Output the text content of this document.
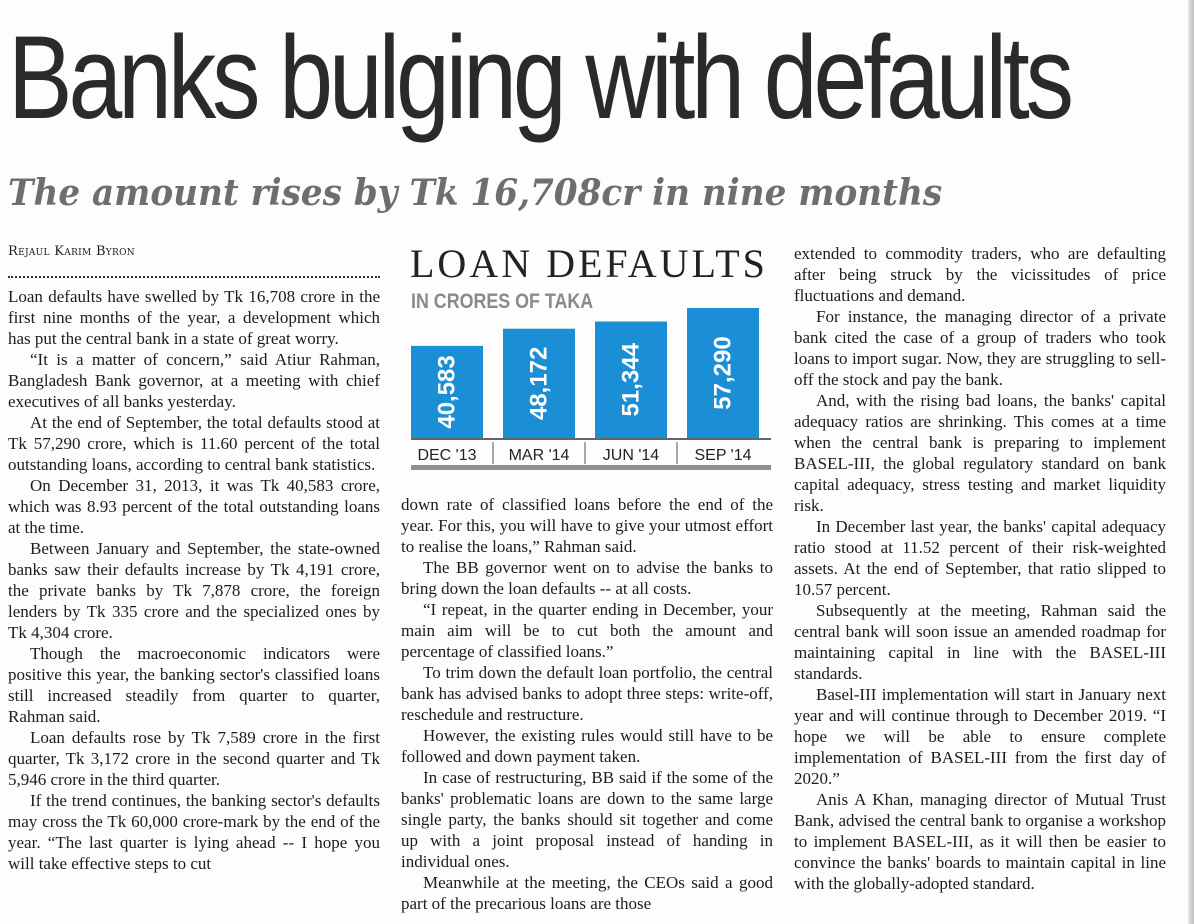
Banks bulging with defaults
The amount rises by Tk 16,708cr in nine months
Rejaul Karim Byron

Loan defaults have swelled by Tk 16,708 crore in the first nine months of the year, a development which has put the central bank in a state of great worry.

“It is a matter of concern,” said Atiur Rahman, Bangladesh Bank governor, at a meeting with chief executives of all banks yesterday.

At the end of September, the total defaults stood at Tk 57,290 crore, which is 11.60 percent of the total outstanding loans, according to central bank statistics.

On December 31, 2013, it was Tk 40,583 crore, which was 8.93 percent of the total outstanding loans at the time.

Between January and September, the state-owned banks saw their defaults increase by Tk 4,191 crore, the private banks by Tk 7,878 crore, the foreign lenders by Tk 335 crore and the specialized ones by Tk 4,304 crore.

Though the macroeconomic indicators were positive this year, the banking sector's classified loans still increased steadily from quarter to quarter, Rahman said.

Loan defaults rose by Tk 7,589 crore in the first quarter, Tk 3,172 crore in the second quarter and Tk 5,946 crore in the third quarter.

If the trend continues, the banking sector's defaults may cross the Tk 60,000 crore-mark by the end of the year. “The last quarter is lying ahead -- I hope you will take effective steps to cut

LOAN DEFAULTS
IN CRORES OF TAKA
40,583
DEC '13
48,172
MAR '14
51,344
JUN '14
57,290
SEP '14

down rate of classified loans before the end of the year. For this, you will have to give your utmost effort to realise the loans,” Rahman said.

The BB governor went on to advise the banks to bring down the loan defaults -- at all costs.

“I repeat, in the quarter ending in December, your main aim will be to cut both the amount and percentage of classified loans.”

To trim down the default loan portfolio, the central bank has advised banks to adopt three steps: write-off, reschedule and restructure.

However, the existing rules would still have to be followed and down payment taken.

In case of restructuring, BB said if the some of the banks' problematic loans are down to the same large single party, the banks should sit together and come up with a joint proposal instead of handing in individual ones.

Meanwhile at the meeting, the CEOs said a good part of the precarious loans are those

extended to commodity traders, who are defaulting after being struck by the vicissitudes of price fluctuations and demand.

For instance, the managing director of a private bank cited the case of a group of traders who took loans to import sugar. Now, they are struggling to sell-off the stock and pay the bank.

And, with the rising bad loans, the banks' capital adequacy ratios are shrinking. This comes at a time when the central bank is preparing to implement BASEL-III, the global regulatory standard on bank capital adequacy, stress testing and market liquidity risk.

In December last year, the banks' capital adequacy ratio stood at 11.52 percent of their risk-weighted assets. At the end of September, that ratio slipped to 10.57 percent.

Subsequently at the meeting, Rahman said the central bank will soon issue an amended roadmap for maintaining capital in line with the BASEL-III standards.

Basel-III implementation will start in January next year and will continue through to December 2019. “I hope we will be able to ensure complete implementation of BASEL-III from the first day of 2020.”

Anis A Khan, managing director of Mutual Trust Bank, advised the central bank to organise a workshop to implement BASEL-III, as it will then be easier to convince the banks' boards to maintain capital in line with the globally-adopted standard.
